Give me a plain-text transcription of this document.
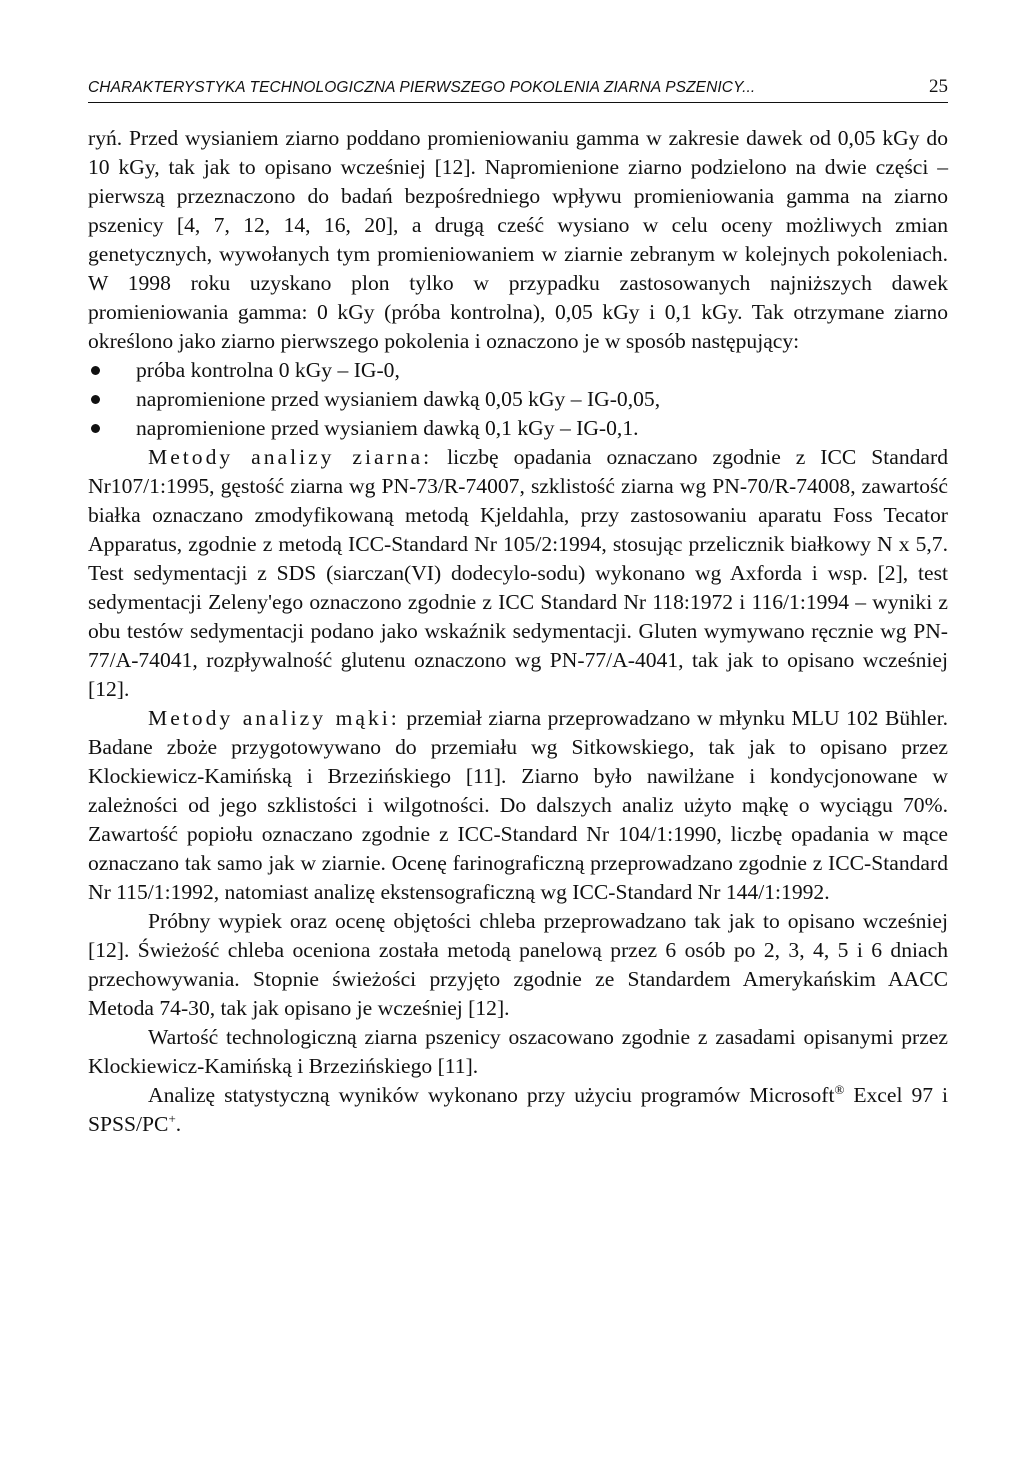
CHARAKTERYSTYKA TECHNOLOGICZNA PIERWSZEGO POKOLENIA ZIARNA PSZENICY...	25

ryń. Przed wysianiem ziarno poddano promieniowaniu gamma w zakresie dawek od 0,05 kGy do 10 kGy, tak jak to opisano wcześniej [12]. Napromienione ziarno podzielono na dwie części – pierwszą przeznaczono do badań bezpośredniego wpływu promieniowania gamma na ziarno pszenicy [4, 7, 12, 14, 16, 20], a drugą cześć wysiano w celu oceny możliwych zmian genetycznych, wywołanych tym promieniowaniem w ziarnie zebranym w kolejnych pokoleniach. W 1998 roku uzyskano plon tylko w przypadku zastosowanych najniższych dawek promieniowania gamma: 0 kGy (próba kontrolna), 0,05 kGy i 0,1 kGy. Tak otrzymane ziarno określono jako ziarno pierwszego pokolenia i oznaczono je w sposób następujący:

próba kontrolna 0 kGy – IG-0,
napromienione przed wysianiem dawką 0,05 kGy – IG-0,05,
napromienione przed wysianiem dawką 0,1 kGy – IG-0,1.

Metody analizy ziarna: liczbę opadania oznaczano zgodnie z ICC Standard Nr107/1:1995, gęstość ziarna wg PN-73/R-74007, szklistość ziarna wg PN-70/R-74008, zawartość białka oznaczano zmodyfikowaną metodą Kjeldahla, przy zastosowaniu aparatu Foss Tecator Apparatus, zgodnie z metodą ICC-Standard Nr 105/2:1994, stosując przelicznik białkowy N x 5,7. Test sedymentacji z SDS (siarczan(VI) dodecylo-sodu) wykonano wg Axforda i wsp. [2], test sedymentacji Zeleny'ego oznaczono zgodnie z ICC Standard Nr 118:1972 i 116/1:1994 – wyniki z obu testów sedymentacji podano jako wskaźnik sedymentacji. Gluten wymywano ręcznie wg PN-77/A-74041, rozpływalność glutenu oznaczono wg PN-77/A-4041, tak jak to opisano wcześniej [12].

Metody analizy mąki: przemiał ziarna przeprowadzano w młynku MLU 102 Bühler. Badane zboże przygotowywano do przemiału wg Sitkowskiego, tak jak to opisano przez Klockiewicz-Kamińską i Brzezińskiego [11]. Ziarno było nawilżane i kondycjonowane w zależności od jego szklistości i wilgotności. Do dalszych analiz użyto mąkę o wyciągu 70%. Zawartość popiołu oznaczano zgodnie z ICC-Standard Nr 104/1:1990, liczbę opadania w mące oznaczano tak samo jak w ziarnie. Ocenę farinograficzną przeprowadzano zgodnie z ICC-Standard Nr 115/1:1992, natomiast analizę ekstensograficzną wg ICC-Standard Nr 144/1:1992.

Próbny wypiek oraz ocenę objętości chleba przeprowadzano tak jak to opisano wcześniej [12]. Świeżość chleba oceniona została metodą panelową przez 6 osób po 2, 3, 4, 5 i 6 dniach przechowywania. Stopnie świeżości przyjęto zgodnie ze Standardem Amerykańskim AACC Metoda 74-30, tak jak opisano je wcześniej [12].

Wartość technologiczną ziarna pszenicy oszacowano zgodnie z zasadami opisanymi przez Klockiewicz-Kamińską i Brzezińskiego [11].

Analizę statystyczną wyników wykonano przy użyciu programów Microsoft® Excel 97 i SPSS/PC+.
